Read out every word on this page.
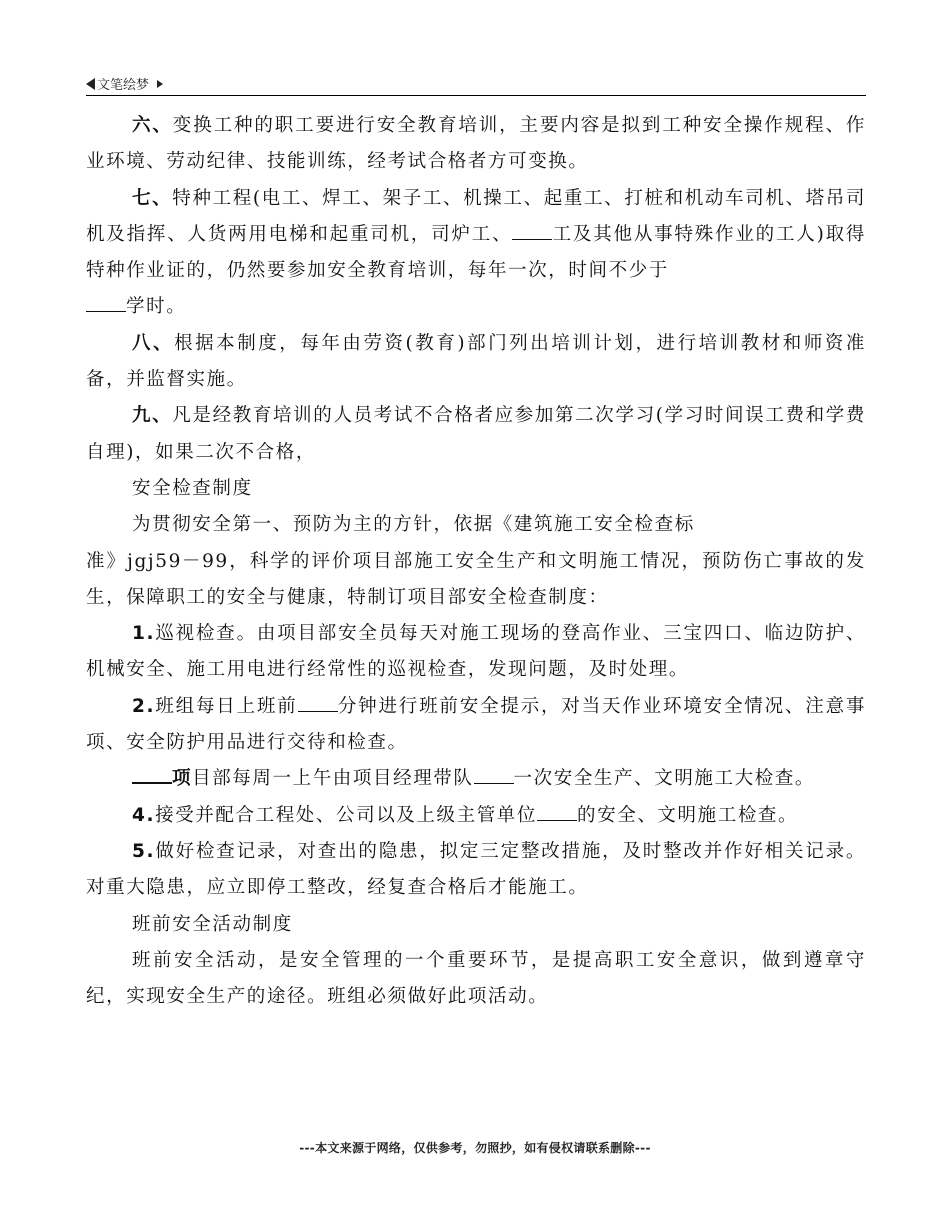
文笔绘梦

六、变换工种的职工要进行安全教育培训，主要内容是拟到工种安全操作规程、作业环境、劳动纪律、技能训练，经考试合格者方可变换。

七、特种工程(电工、焊工、架子工、机操工、起重工、打桩和机动车司机、塔吊司机及指挥、人货两用电梯和起重司机，司炉工、 工及其他从事特殊作业的工人)取得特种作业证的，仍然要参加安全教育培训，每年一次，时间不少于
学时。

八、根据本制度，每年由劳资(教育)部门列出培训计划，进行培训教材和师资准备，并监督实施。

九、凡是经教育培训的人员考试不合格者应参加第二次学习(学习时间误工费和学费自理)，如果二次不合格，

安全检查制度

为贯彻安全第一、预防为主的方针，依据《建筑施工安全检查标
准》jgj59－99，科学的评价项目部施工安全生产和文明施工情况，预防伤亡事故的发生，保障职工的安全与健康，特制订项目部安全检查制度：

1.巡视检查。由项目部安全员每天对施工现场的登高作业、三宝四口、临边防护、机械安全、施工用电进行经常性的巡视检查，发现问题，及时处理。

2.班组每日上班前 分钟进行班前安全提示，对当天作业环境安全情况、注意事项、安全防护用品进行交待和检查。

项目部每周一上午由项目经理带队 一次安全生产、文明施工大检查。

4.接受并配合工程处、公司以及上级主管单位 的安全、文明施工检查。

5.做好检查记录，对查出的隐患，拟定三定整改措施，及时整改并作好相关记录。对重大隐患，应立即停工整改，经复查合格后才能施工。

班前安全活动制度

班前安全活动，是安全管理的一个重要环节，是提高职工安全意识，做到遵章守纪，实现安全生产的途径。班组必须做好此项活动。

---本文来源于网络，仅供参考，勿照抄，如有侵权请联系删除---
